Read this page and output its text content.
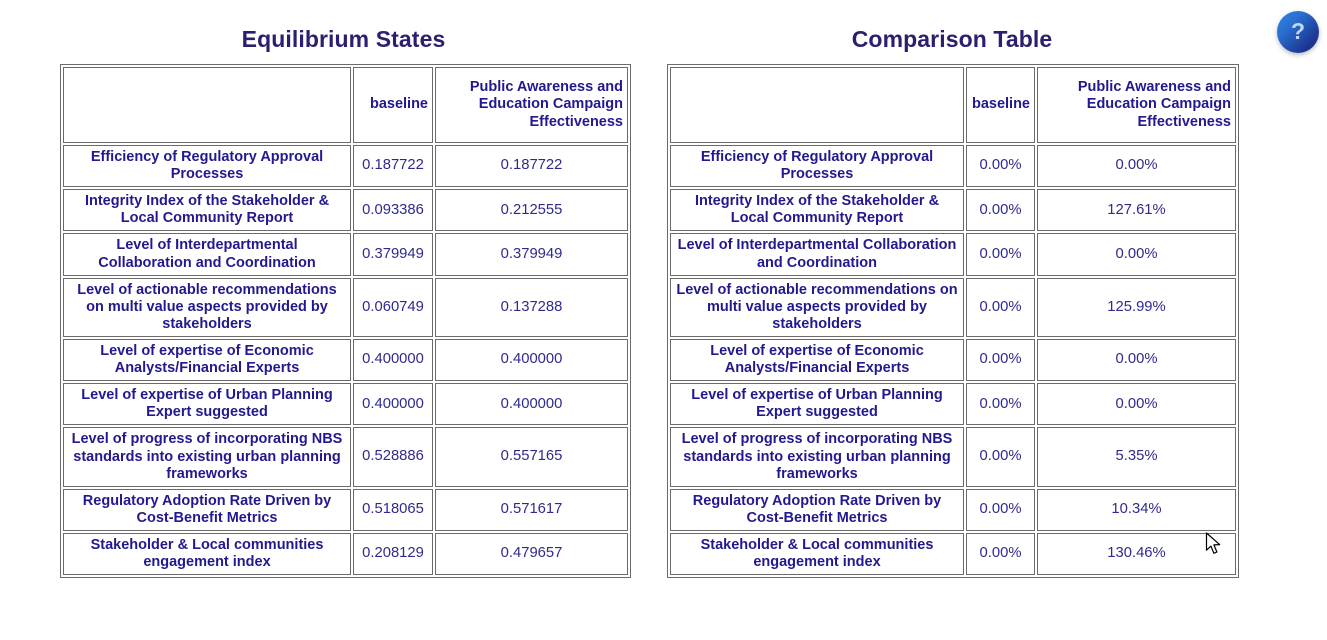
Equilibrium States
	baseline	Public Awareness and Education Campaign Effectiveness
Efficiency of Regulatory Approval Processes	0.187722	0.187722
Integrity Index of the Stakeholder & Local Community Report	0.093386	0.212555
Level of Interdepartmental Collaboration and Coordination	0.379949	0.379949
Level of actionable recommendations on multi value aspects provided by stakeholders	0.060749	0.137288
Level of expertise of Economic Analysts/Financial Experts	0.400000	0.400000
Level of expertise of Urban Planning Expert suggested	0.400000	0.400000
Level of progress of incorporating NBS standards into existing urban planning frameworks	0.528886	0.557165
Regulatory Adoption Rate Driven by Cost-Benefit Metrics	0.518065	0.571617
Stakeholder & Local communities engagement index	0.208129	0.479657
Comparison Table
	baseline	Public Awareness and Education Campaign Effectiveness
Efficiency of Regulatory Approval Processes	0.00%	0.00%
Integrity Index of the Stakeholder & Local Community Report	0.00%	127.61%
Level of Interdepartmental Collaboration and Coordination	0.00%	0.00%
Level of actionable recommendations on multi value aspects provided by stakeholders	0.00%	125.99%
Level of expertise of Economic Analysts/Financial Experts	0.00%	0.00%
Level of expertise of Urban Planning Expert suggested	0.00%	0.00%
Level of progress of incorporating NBS standards into existing urban planning frameworks	0.00%	5.35%
Regulatory Adoption Rate Driven by Cost-Benefit Metrics	0.00%	10.34%
Stakeholder & Local communities engagement index	0.00%	130.46%
?
